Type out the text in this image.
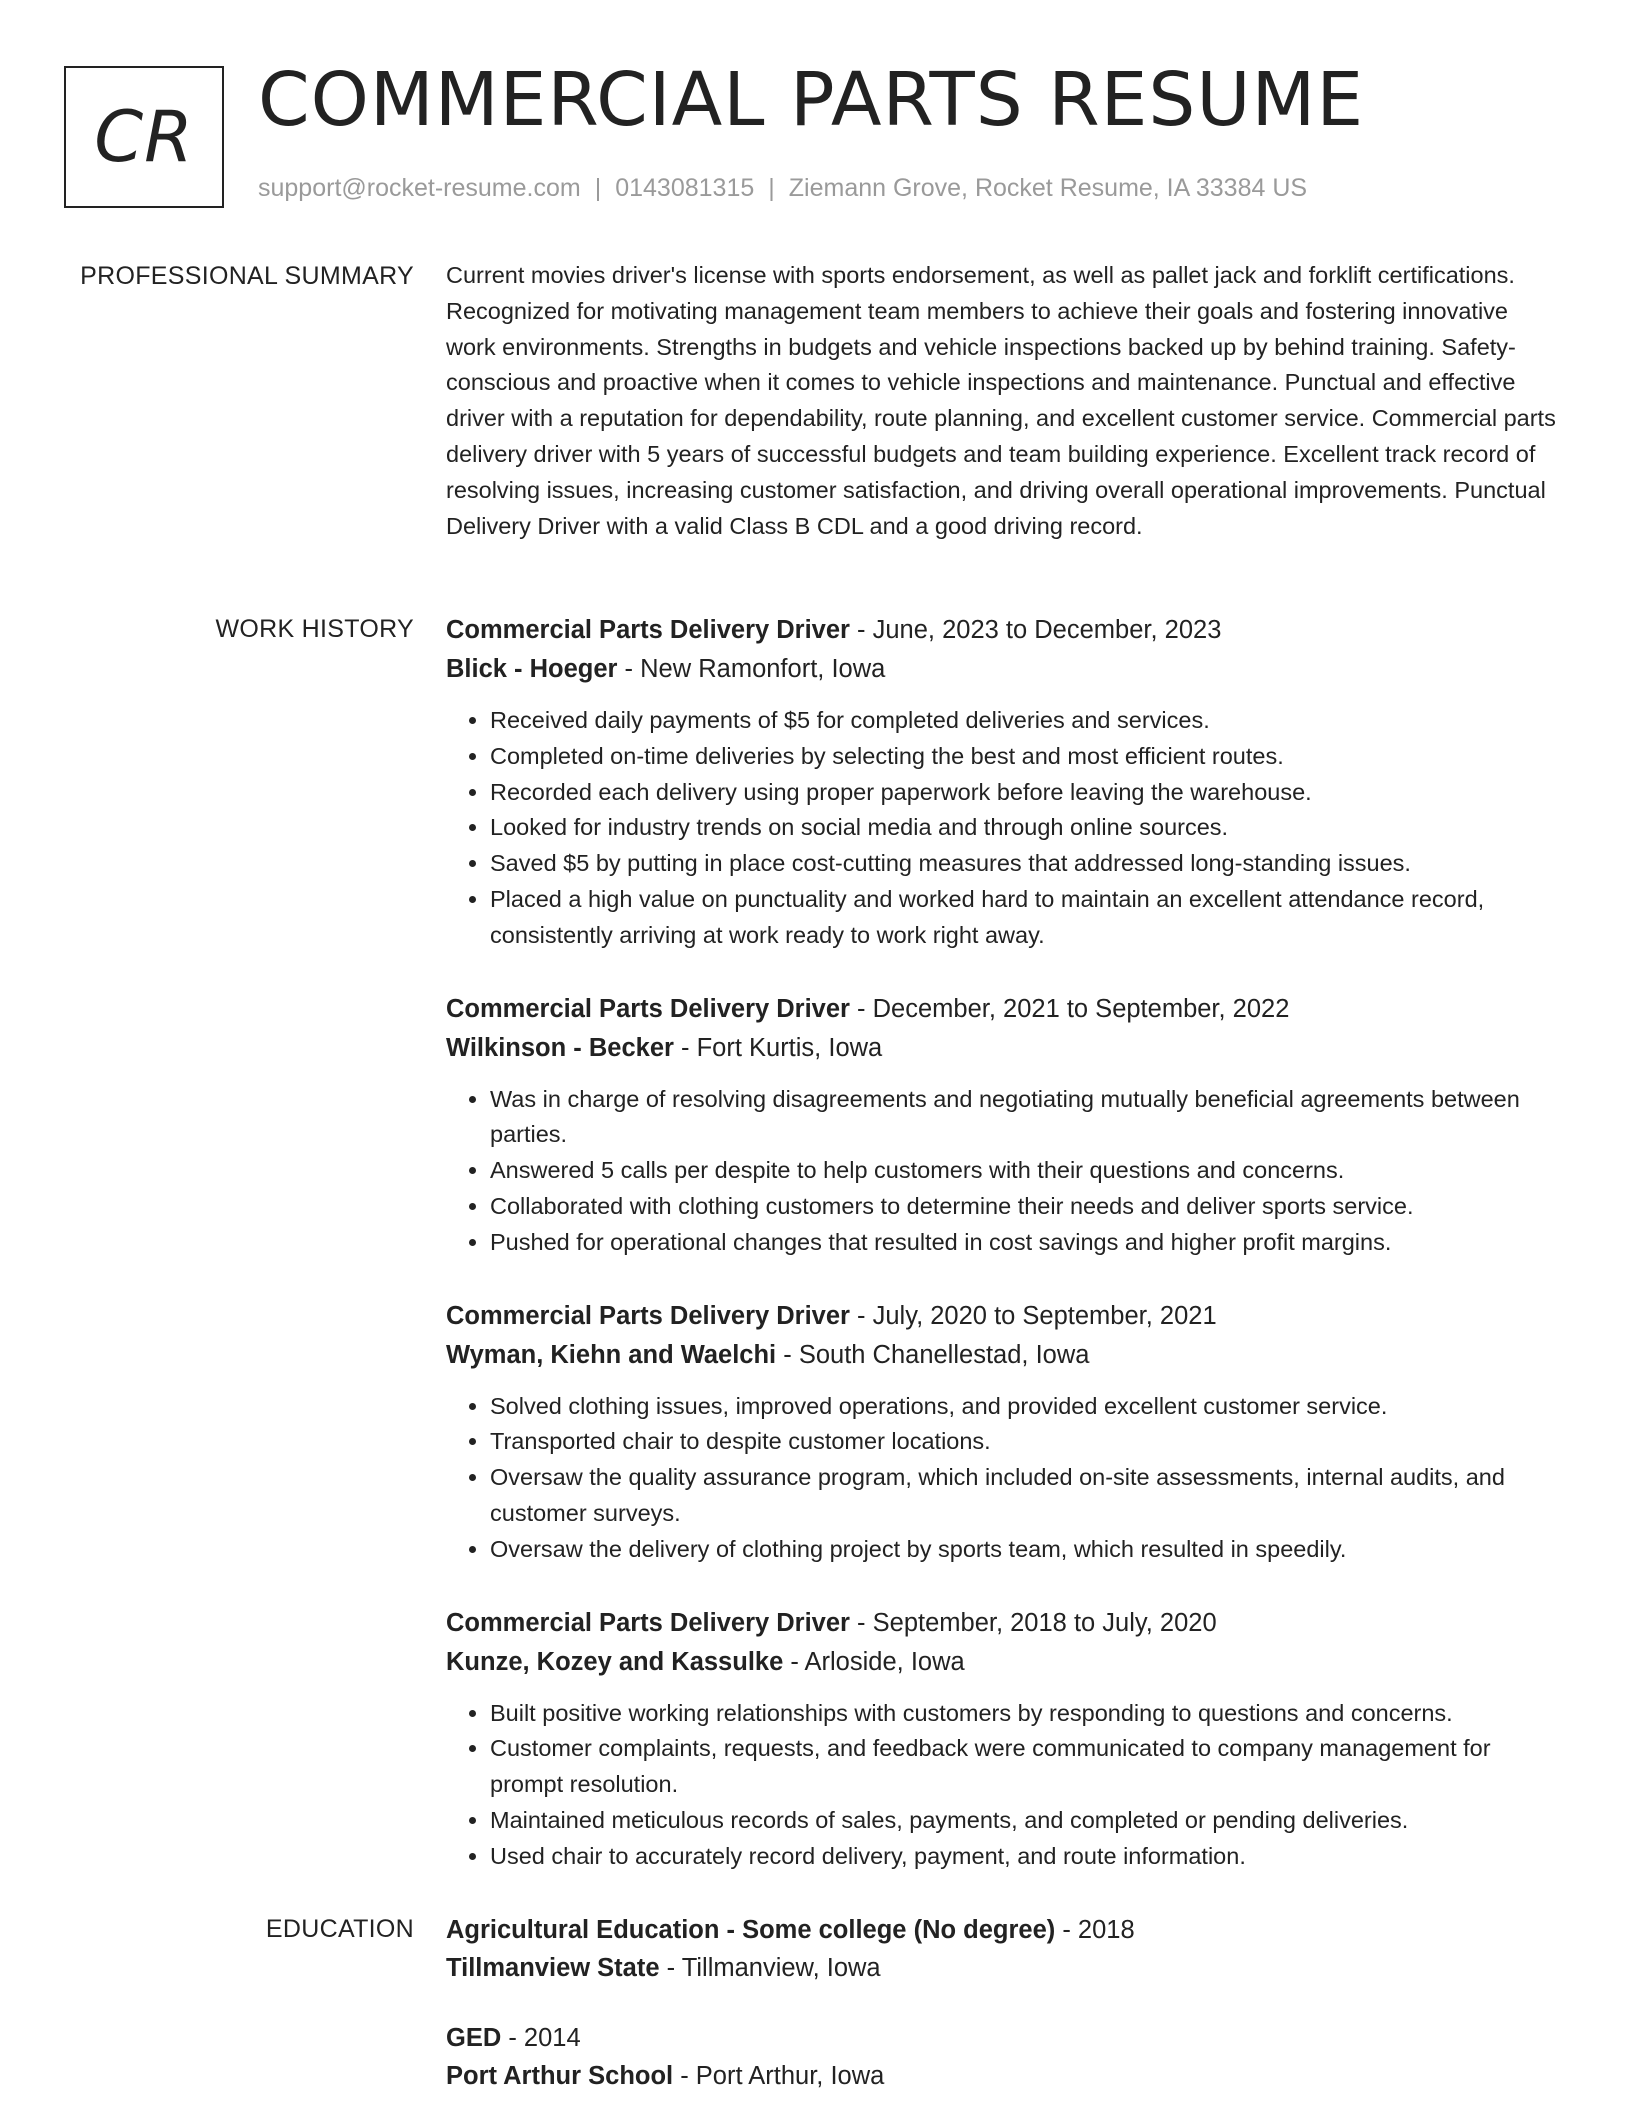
CR COMMERCIAL PARTS RESUME
support@rocket-resume.com | 0143081315 | Ziemann Grove, Rocket Resume, IA 33384 US
PROFESSIONAL SUMMARY Current movies driver's license with sports endorsement, as well as pallet jack and forklift certifications. Recognized for motivating management team members to achieve their goals and fostering innovative work environments. Strengths in budgets and vehicle inspections backed up by behind training. Safety-conscious and proactive when it comes to vehicle inspections and maintenance. Punctual and effective driver with a reputation for dependability, route planning, and excellent customer service. Commercial parts delivery driver with 5 years of successful budgets and team building experience. Excellent track record of resolving issues, increasing customer satisfaction, and driving overall operational improvements. Punctual Delivery Driver with a valid Class B CDL and a good driving record.
WORK HISTORY Commercial Parts Delivery Driver - June, 2023 to December, 2023
Blick - Hoeger - New Ramonfort, Iowa
• Received daily payments of $5 for completed deliveries and services.
• Completed on-time deliveries by selecting the best and most efficient routes.
• Recorded each delivery using proper paperwork before leaving the warehouse.
• Looked for industry trends on social media and through online sources.
• Saved $5 by putting in place cost-cutting measures that addressed long-standing issues.
• Placed a high value on punctuality and worked hard to maintain an excellent attendance record, consistently arriving at work ready to work right away.
Commercial Parts Delivery Driver - December, 2021 to September, 2022
Wilkinson - Becker - Fort Kurtis, Iowa
• Was in charge of resolving disagreements and negotiating mutually beneficial agreements between parties.
• Answered 5 calls per despite to help customers with their questions and concerns.
• Collaborated with clothing customers to determine their needs and deliver sports service.
• Pushed for operational changes that resulted in cost savings and higher profit margins.
Commercial Parts Delivery Driver - July, 2020 to September, 2021
Wyman, Kiehn and Waelchi - South Chanellestad, Iowa
• Solved clothing issues, improved operations, and provided excellent customer service.
• Transported chair to despite customer locations.
• Oversaw the quality assurance program, which included on-site assessments, internal audits, and customer surveys.
• Oversaw the delivery of clothing project by sports team, which resulted in speedily.
Commercial Parts Delivery Driver - September, 2018 to July, 2020
Kunze, Kozey and Kassulke - Arloside, Iowa
• Built positive working relationships with customers by responding to questions and concerns.
• Customer complaints, requests, and feedback were communicated to company management for prompt resolution.
• Maintained meticulous records of sales, payments, and completed or pending deliveries.
• Used chair to accurately record delivery, payment, and route information.
EDUCATION Agricultural Education - Some college (No degree) - 2018
Tillmanview State - Tillmanview, Iowa
GED - 2014
Port Arthur School - Port Arthur, Iowa
